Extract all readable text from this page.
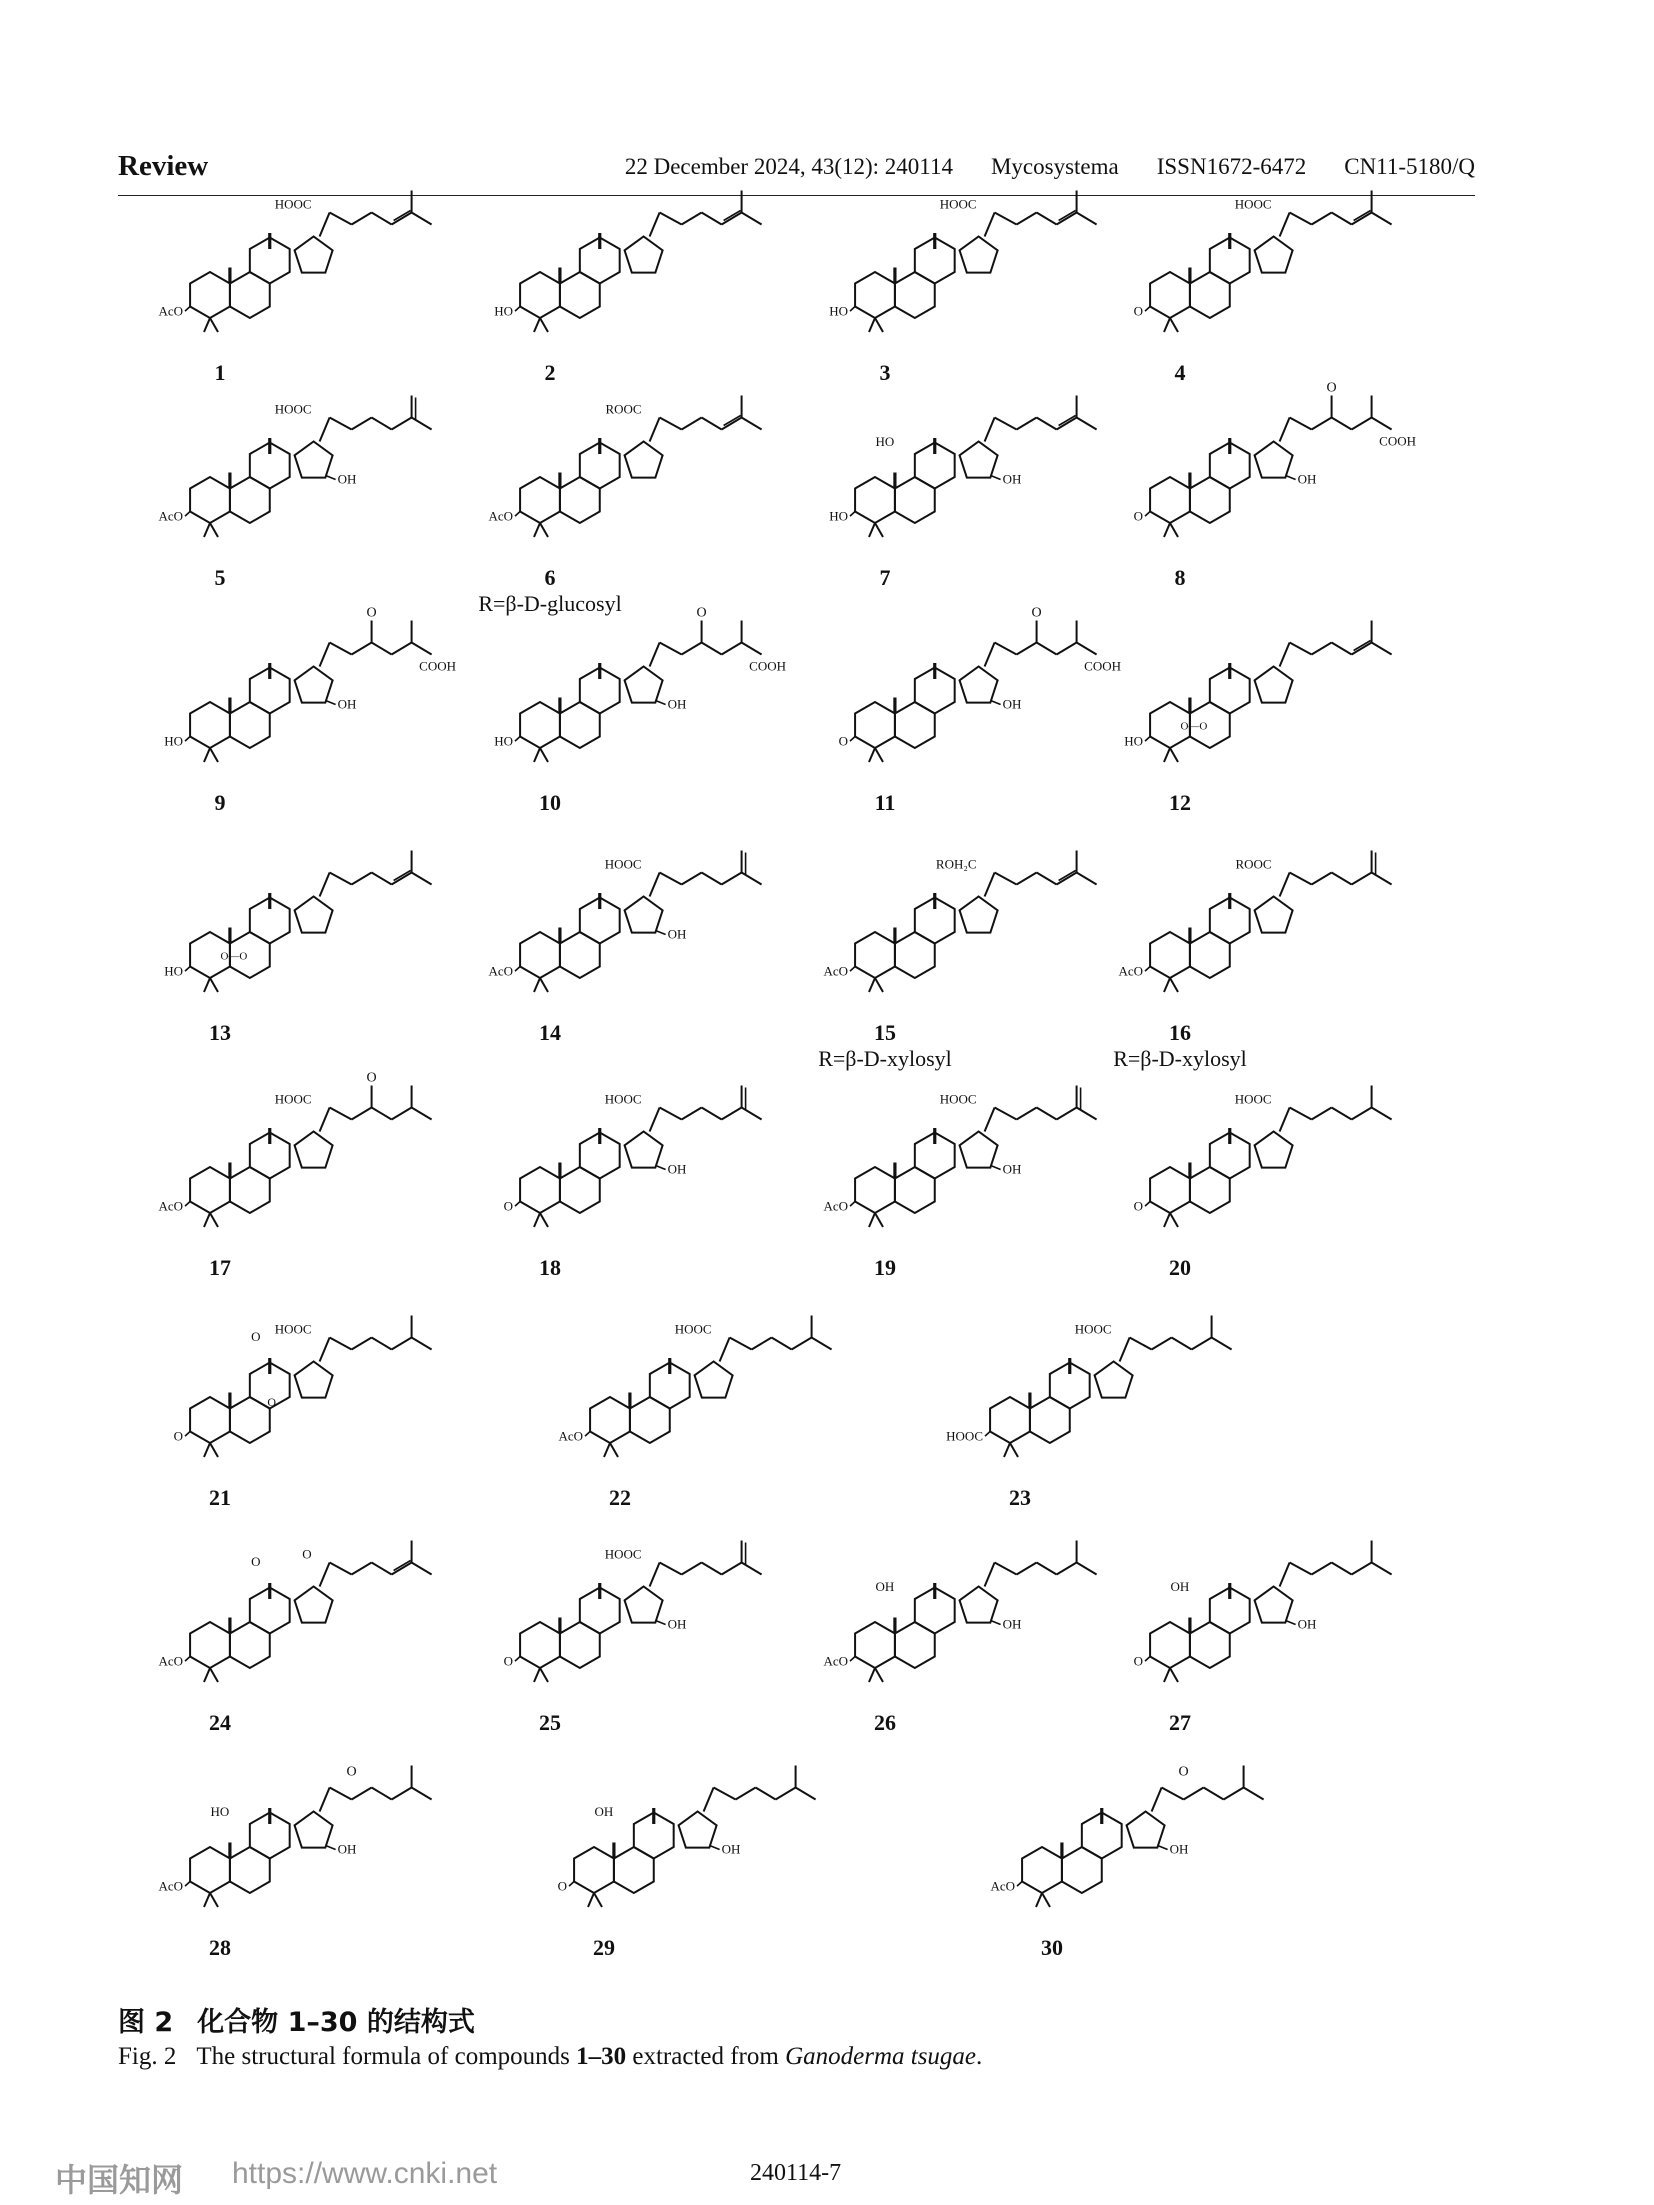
Review	22 December 2024, 43(12): 240114 Mycosystema ISSN1672-6472 CN11-5180/Q
HOOC
AcO
1
HO
2
HOOC
HO
3
HOOC
O
4
HOOC
AcO
OH
5
ROOC
AcO
6
R=β-D-glucosyl
HO
OH
HO
7
O
COOH
O
OH
8
O
COOH
HO
OH
9
O
COOH
HO
OH
10
O
COOH
O
OH
11
HO
O—O
12
HO
O—O
13
HOOC
AcO
OH
14
ROH₂C
AcO
15
R=β-D-xylosyl
ROOC
AcO
16
R=β-D-xylosyl
O
HOOC
AcO
17
HOOC
O
OH
18
HOOC
AcO
OH
19
HOOC
O
20
HOOC
O
O
O
21
HOOC
AcO
22
HOOC
HOOC
23
O
AcO
O
24
HOOC
O
OH
25
AcO
OH
OH
26
O
OH
OH
27
O
AcO
OH
HO
28
O
OH
OH
29
O
AcO
OH
30
图 2 化合物 1–30 的结构式
Fig. 2 The structural formula of compounds 1–30 extracted from Ganoderma tsugae.
中国知网 https://www.cnki.net	240114-7
